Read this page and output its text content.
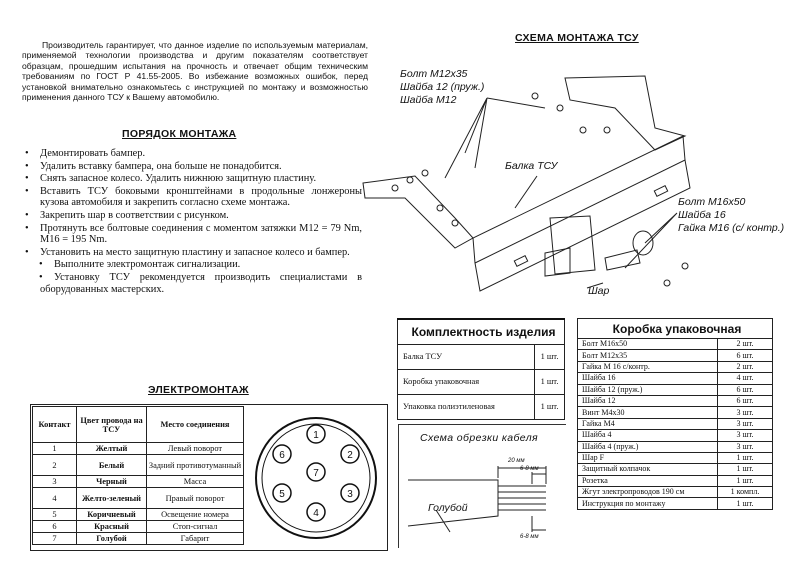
Производитель гарантирует, что данное изделие по используемым материалам, применяемой технологии производства и другим показателям соответствует образцам, прошедшим испытания на прочность и отвечает общим техническим требованиям по ГОСТ Р 41.55-2005. Во избежание возможных ошибок, перед установкой внимательно ознакомьтесь с инструкцией по монтажу и возможностью применения данного ТСУ к Вашему автомобилю.

ПОРЯДОК МОНТАЖА
• Демонтировать бампер.
• Удалить вставку бампера, она больше не понадобится.
• Снять запасное колесо. Удалить нижнюю защитную пластину.
• Вставить ТСУ боковыми кронштейнами в продольные лонжероны кузова автомобиля и закрепить согласно схеме монтажа.
• Закрепить шар в соответствии с рисунком.
• Протянуть все болтовые соединения с моментом затяжки М12 = 79 Nm, М16 = 195 Nm.
• Установить на место защитную пластину и запасное колесо и бампер.
• Выполните электромонтаж сигнализации.
• Установку ТСУ рекомендуется производить специалистами в оборудованных мастерских.
ЭЛЕКТРОМОНТАЖ
Контакт	Цвет провода на ТСУ	Место соединения
1	Желтый	Левый поворот
2	Белый	Задний противотуманный
3	Черный	Масса
4	Желто-зеленый	Правый поворот
5	Коричневый	Освещение номера
6	Красный	Стоп-сигнал
7	Голубой	Габарит
1
2
3
4
5
6
7
СХЕМА МОНТАЖА ТСУ
Болт М12х35
Шайба 12 (пруж.)
Шайба М12
Балка ТСУ
Болт М16х50
Шайба 16
Гайка М16 (с/ контр.)
Шар
Комплектность изделия	
Балка ТСУ	1 шт.
Коробка упаковочная	1 шт.
Упаковка полиэтиленовая	1 шт.
Коробка упаковочная	
Болт М16х50	2 шт.
Болт М12х35	6 шт.
Гайка М 16 с/контр.	2 шт.
Шайба 16	4 шт.
Шайба 12 (пруж.)	6 шт.
Шайба 12	6 шт.
Винт М4х30	3 шт.
Гайка М4	3 шт.
Шайба 4	3 шт.
Шайба 4 (пруж.)	3 шт.
Шар F	1 шт.
Защитный колпачок	1 шт.
Розетка	1 шт.
Жгут электропроводов 190 см	1 компл.
Инструкция по монтажу	1 шт.
Схема обрезки кабеля
20 мм
6-8 мм
6-8 мм
Голубой
